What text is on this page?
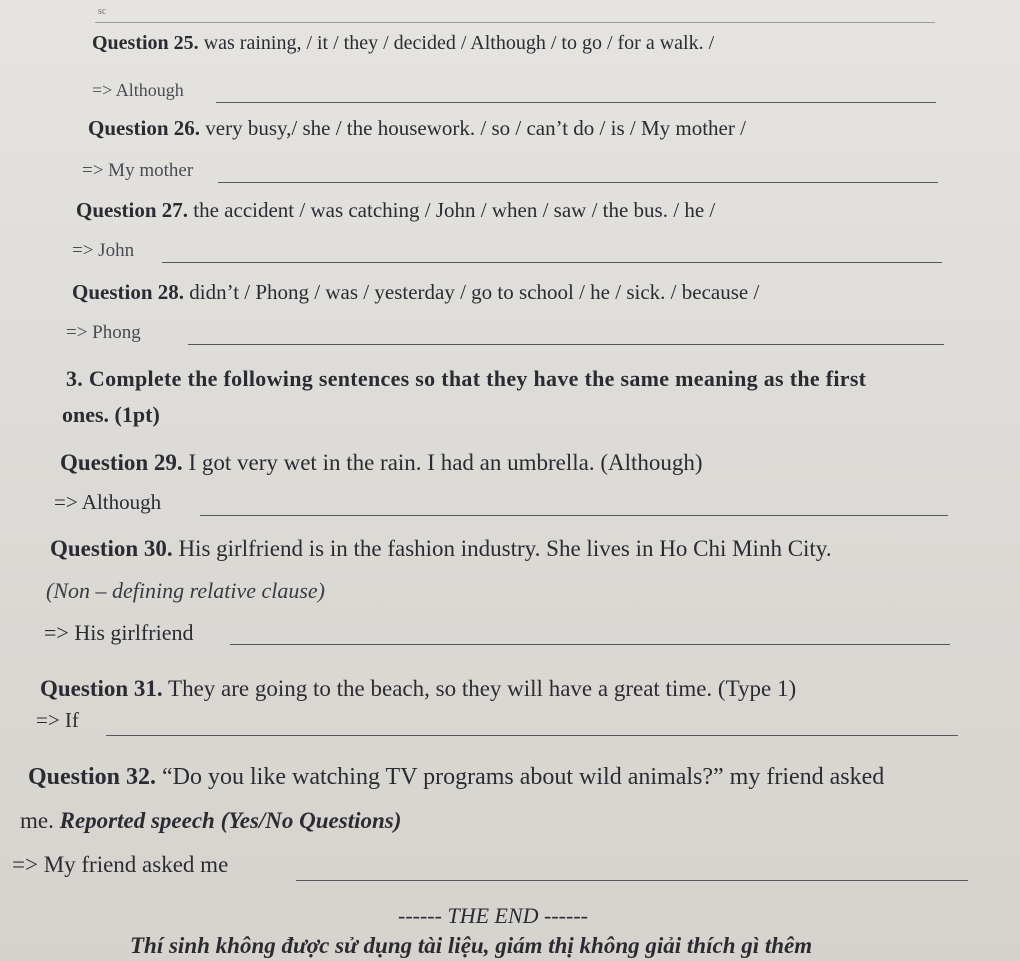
sc
Question 25. was raining, / it / they / decided / Although / to go / for a walk. /
=> Although
Question 26. very busy,/ she / the housework. / so / can’t do / is / My mother /
=> My mother
Question 27. the accident / was catching / John / when / saw / the bus. / he /
=> John
Question 28. didn’t / Phong / was / yesterday / go to school / he / sick. / because /
=> Phong
3. Complete the following sentences so that they have the same meaning as the first
ones. (1pt)
Question 29. I got very wet in the rain. I had an umbrella. (Although)
=> Although
Question 30. His girlfriend is in the fashion industry. She lives in Ho Chi Minh City.
(Non – defining relative clause)
=> His girlfriend
Question 31. They are going to the beach, so they will have a great time. (Type 1)
=> If
Question 32. “Do you like watching TV programs about wild animals?” my friend asked
me. Reported speech (Yes/No Questions)
=> My friend asked me
------ THE END ------
Thí sinh không được sử dụng tài liệu, giám thị không giải thích gì thêm
